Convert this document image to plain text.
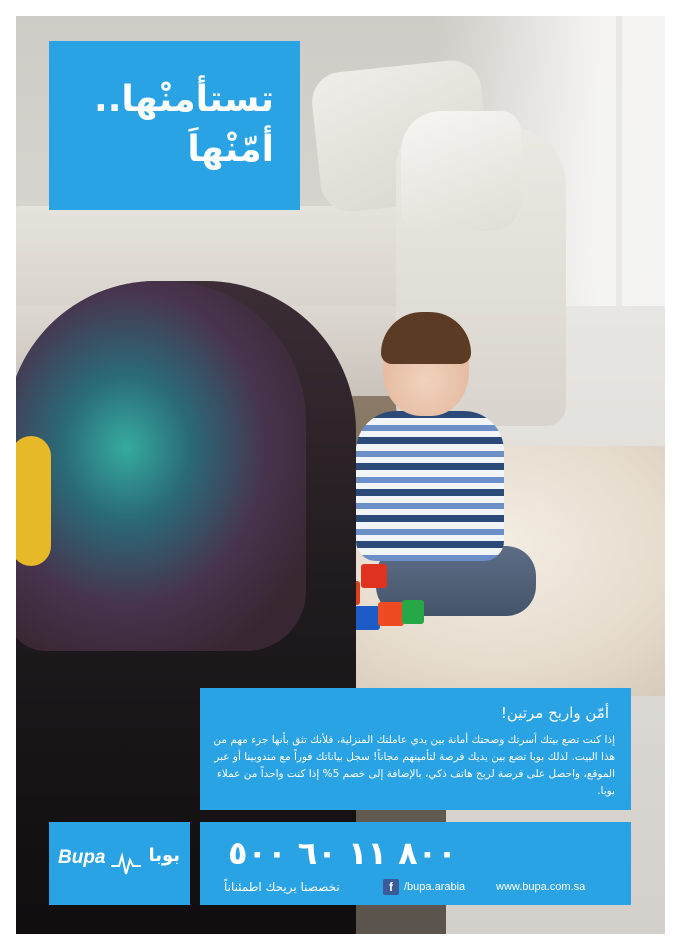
تستأمنْها..
أمّنْهاَ
أمّن واربح مرتين!
إذا كنت تضع بيتك أسرتك وصحتك أمانة بين يدي عاملتك المنزلية، فلأنك تثق بأنها جزء مهم من هذا البيت. لذلك بوبا تضع بين يديك فرصة لتأمينهم مجاناً! سجل بياناتك فوراً مع مندوبينا أو عبر الموقع، واحصل على فرصة لربح هاتف ذكي، بالإضافة إلى خصم 5% إذا كنت واحداً من عملاء بوبا.
Bupa بوبا ٨٠٠ ١١ ٦٠ ٥٠٠
نخصصنا يريحك اطمئناناً	f	/bupa.arabia	www.bupa.com.sa
